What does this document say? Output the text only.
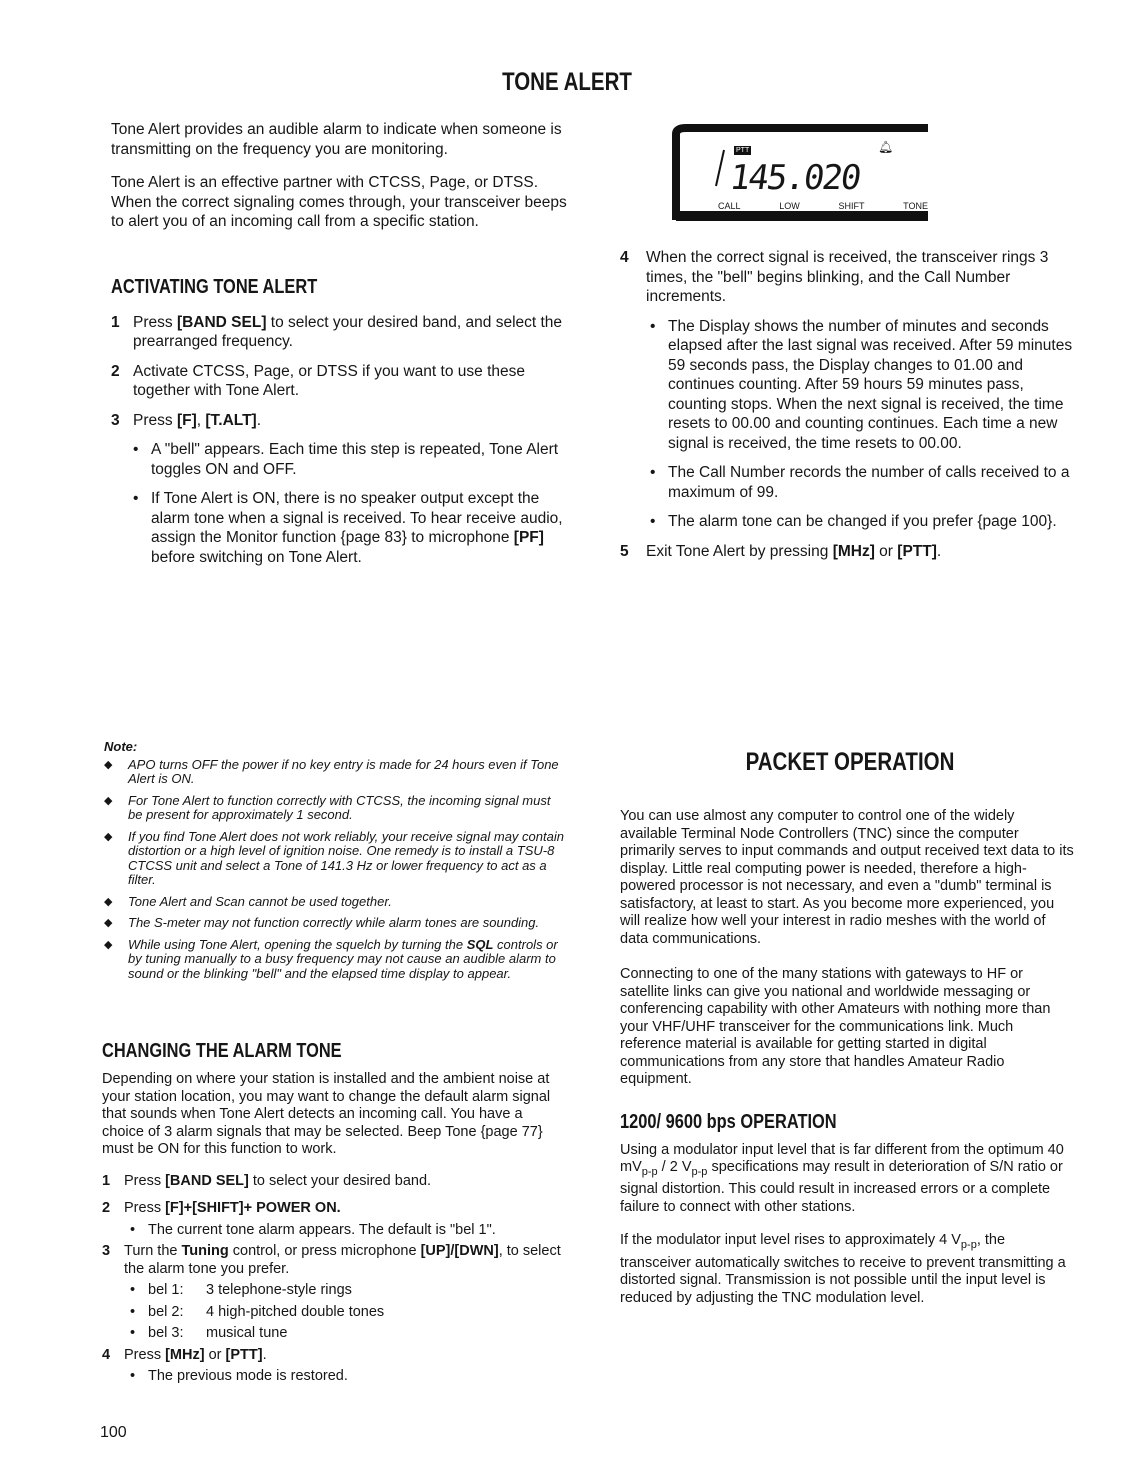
TONE ALERT

Tone Alert provides an audible alarm to indicate when someone is transmitting on the frequency you are monitoring.

Tone Alert is an effective partner with CTCSS, Page, or DTSS. When the correct signaling comes through, your transceiver beeps to alert you of an incoming call from a specific station.

ACTIVATING TONE ALERT
1 Press [BAND SEL] to select your desired band, and select the prearranged frequency.
2 Activate CTCSS, Page, or DTSS if you want to use these together with Tone Alert.
3 Press [F], [T.ALT].
• A "bell" appears. Each time this step is repeated, Tone Alert toggles ON and OFF.
• If Tone Alert is ON, there is no speaker output except the alarm tone when a signal is received. To hear receive audio, assign the Monitor function {page 83} to microphone [PF] before switching on Tone Alert.
PTT
145.020
🔔︎
CALL	LOW	SHIFT	TONE
4	When the correct signal is received, the transceiver rings 3 times, the "bell" begins blinking, and the Call Number increments.
• The Display shows the number of minutes and seconds elapsed after the last signal was received. After 59 minutes 59 seconds pass, the Display changes to 01.00 and continues counting. After 59 hours 59 minutes pass, counting stops. When the next signal is received, the time resets to 00.00 and counting continues. Each time a new signal is received, the time resets to 00.00.
• The Call Number records the number of calls received to a maximum of 99.
• The alarm tone can be changed if you prefer {page 100}.
5	Exit Tone Alert by pressing [MHz] or [PTT].
Note:
◆	APO turns OFF the power if no key entry is made for 24 hours even if Tone Alert is ON.
◆	For Tone Alert to function correctly with CTCSS, the incoming signal must be present for approximately 1 second.
◆	If you find Tone Alert does not work reliably, your receive signal may contain distortion or a high level of ignition noise. One remedy is to install a TSU-8 CTCSS unit and select a Tone of 141.3 Hz or lower frequency to act as a filter.
◆	Tone Alert and Scan cannot be used together.
◆	The S-meter may not function correctly while alarm tones are sounding.
◆	While using Tone Alert, opening the squelch by turning the SQL controls or by tuning manually to a busy frequency may not cause an audible alarm to sound or the blinking "bell" and the elapsed time display to appear.
CHANGING THE ALARM TONE

Depending on where your station is installed and the ambient noise at your station location, you may want to change the default alarm signal that sounds when Tone Alert detects an incoming call. You have a choice of 3 alarm signals that may be selected. Beep Tone {page 77} must be ON for this function to work.

1 Press [BAND SEL] to select your desired band.
2 Press [F]+[SHIFT]+ POWER ON.
• The current tone alarm appears. The default is "bel 1".
3 Turn the Tuning control, or press microphone [UP]/[DWN], to select the alarm tone you prefer.
• bel 1:	3 telephone-style rings
• bel 2:	4 high-pitched double tones
• bel 3:	musical tune
4 Press [MHz] or [PTT].
• The previous mode is restored.
100
PACKET OPERATION

You can use almost any computer to control one of the widely available Terminal Node Controllers (TNC) since the computer primarily serves to input commands and output received text data to its display. Little real computing power is needed, therefore a high-powered processor is not necessary, and even a "dumb" terminal is satisfactory, at least to start. As you become more experienced, you will realize how well your interest in radio meshes with the world of data communications.

Connecting to one of the many stations with gateways to HF or satellite links can give you national and worldwide messaging or conferencing capability with other Amateurs with nothing more than your VHF/UHF transceiver for the communications link. Much reference material is available for getting started in digital communications from any store that handles Amateur Radio equipment.

1200/ 9600 bps OPERATION

Using a modulator input level that is far different from the optimum 40 $mV_{p-p} / 2$ $V_{p-p}$ specifications may result in deterioration of S/N ratio or signal distortion. This could result in increased errors or a complete failure to connect with other stations.

If the modulator input level rises to approximately 4 $V_{p-p}$, the transceiver automatically switches to receive to prevent transmitting a distorted signal. Transmission is not possible until the input level is reduced by adjusting the TNC modulation level.
